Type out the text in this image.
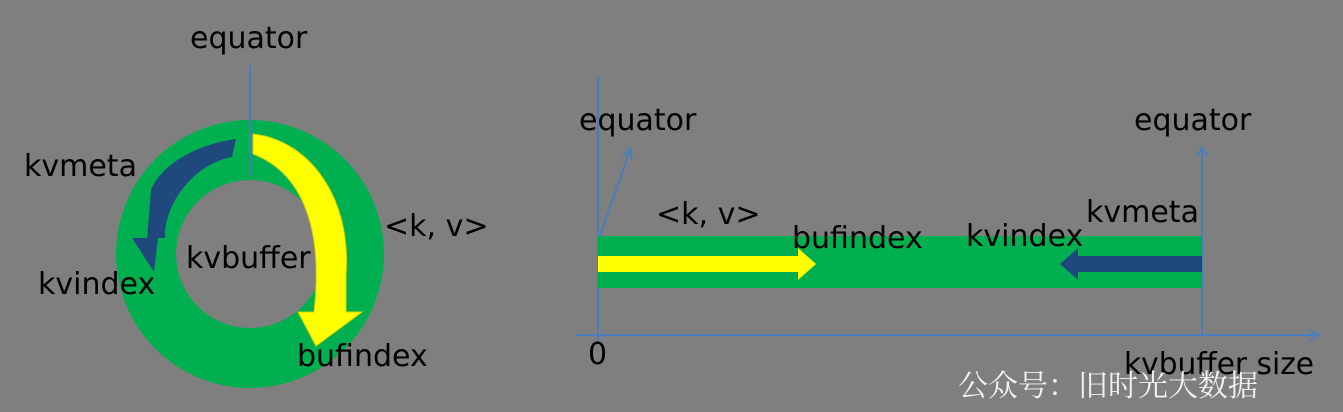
equator
kvmeta
kvindex
kvbuffer
<k, v>
bufindex
equator	equator
<k, v>
bufindex kvindex
kvmeta
0	kvbuffer size
公众号：旧时光大数据
